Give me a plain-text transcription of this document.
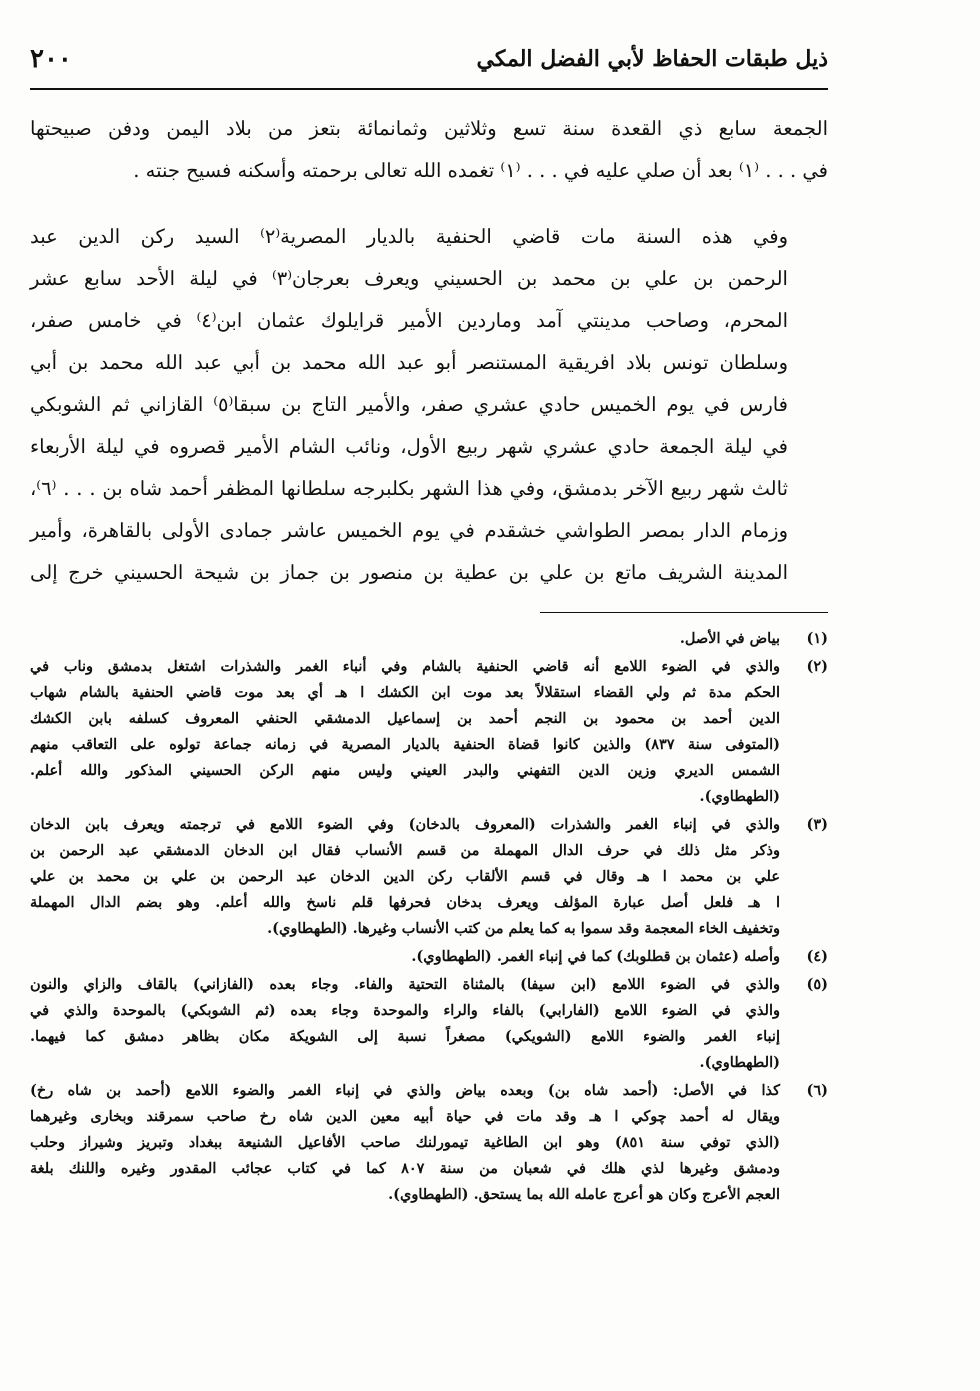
ذيل طبقات الحفاظ لأبي الفضل المكي
٢٠٠

الجمعة سابع ذي القعدة سنة تسع وثلاثين وثمانمائة بتعز من بلاد اليمن ودفن صبيحتها
في . . . ⁽١⁾ بعد أن صلي عليه في . . . ⁽١⁾ تغمده الله تعالى برحمته وأسكنه فسيح جنته .

وفي هذه السنة مات قاضي الحنفية بالديار المصرية⁽٢⁾ السيد ركن الدين عبد
الرحمن بن علي بن محمد بن الحسيني ويعرف بعرجان⁽٣⁾ في ليلة الأحد سابع عشر
المحرم، وصاحب مدينتي آمد وماردين الأمير قرايلوك عثمان ابن⁽٤⁾ في خامس صفر،
وسلطان تونس بلاد افريقية المستنصر أبو عبد الله محمد بن أبي عبد الله محمد بن أبي
فارس في يوم الخميس حادي عشري صفر، والأمير التاج بن سبقا⁽٥⁾ القازاني ثم الشوبكي
في ليلة الجمعة حادي عشري شهر ربيع الأول، ونائب الشام الأمير قصروه في ليلة الأربعاء
ثالث شهر ربيع الآخر بدمشق، وفي هذا الشهر بكلبرجه سلطانها المظفر أحمد شاه بن . . . ⁽٦⁾،
وزمام الدار بمصر الطواشي خشقدم في يوم الخميس عاشر جمادى الأولى بالقاهرة، وأمير
المدينة الشريف ماتع بن علي بن عطية بن منصور بن جماز بن شيحة الحسيني خرج إلى

(١)
بياض في الأصل.
(٢)
والذي في الضوء اللامع أنه قاضي الحنفية بالشام وفي أنباء الغمر والشذرات اشتغل بدمشق وناب في
الحكم مدة ثم ولي القضاء استقلالاً بعد موت ابن الكشك ا هـ أي بعد موت قاضي الحنفية بالشام شهاب
الدين أحمد بن محمود بن النجم أحمد بن إسماعيل الدمشقي الحنفي المعروف كسلفه بابن الكشك
(المتوفى سنة ٨٣٧) والذين كانوا قضاة الحنفية بالديار المصرية في زمانه جماعة تولوه على التعاقب منهم
الشمس الديري وزين الدين التفهني والبدر العيني وليس منهم الركن الحسيني المذكور والله أعلم.
(الطهطاوي).
(٣)
والذي في إنباء الغمر والشذرات (المعروف بالدخان) وفي الضوء اللامع في ترجمته ويعرف بابن الدخان
وذكر مثل ذلك في حرف الدال المهملة من قسم الأنساب فقال ابن الدخان الدمشقي عبد الرحمن بن
علي بن محمد ا هـ وقال في قسم الألقاب ركن الدين الدخان عبد الرحمن بن علي بن محمد بن علي
ا هـ فلعل أصل عبارة المؤلف ويعرف بدخان فحرفها قلم ناسخ والله أعلم. وهو بضم الدال المهملة
وتخفيف الخاء المعجمة وقد سموا به كما يعلم من كتب الأنساب وغيرها. (الطهطاوي).
(٤)
وأصله (عثمان بن قطلوبك) كما في إنباء الغمر. (الطهطاوي).
(٥)
والذي في الضوء اللامع (ابن سيفا) بالمثناة التحتية والفاء. وجاء بعده (الفازاني) بالقاف والزاي والنون
والذي في الضوء اللامع (الفارابي) بالفاء والراء والموحدة وجاء بعده (ثم الشوبكي) بالموحدة والذي في
إنباء الغمر والضوء اللامع (الشويكي) مصغراً نسبة إلى الشويكة مكان بظاهر دمشق كما فيهما.
(الطهطاوي).
(٦)
كذا في الأصل: (أحمد شاه بن) وبعده بياض والذي في إنباء الغمر والضوء اللامع (أحمد بن شاه رخ)
ويقال له أحمد چوكي ا هـ وقد مات في حياة أبيه معين الدين شاه رخ صاحب سمرقند وبخارى وغيرهما
(الذي توفي سنة ٨٥١) وهو ابن الطاغية تيمورلنك صاحب الأفاعيل الشنيعة ببغداد وتبريز وشيراز وحلب
ودمشق وغيرها لذي هلك في شعبان من سنة ٨٠٧ كما في كتاب عجائب المقدور وغيره واللنك بلغة
العجم الأعرج وكان هو أعرج عامله الله بما يستحق. (الطهطاوي).
